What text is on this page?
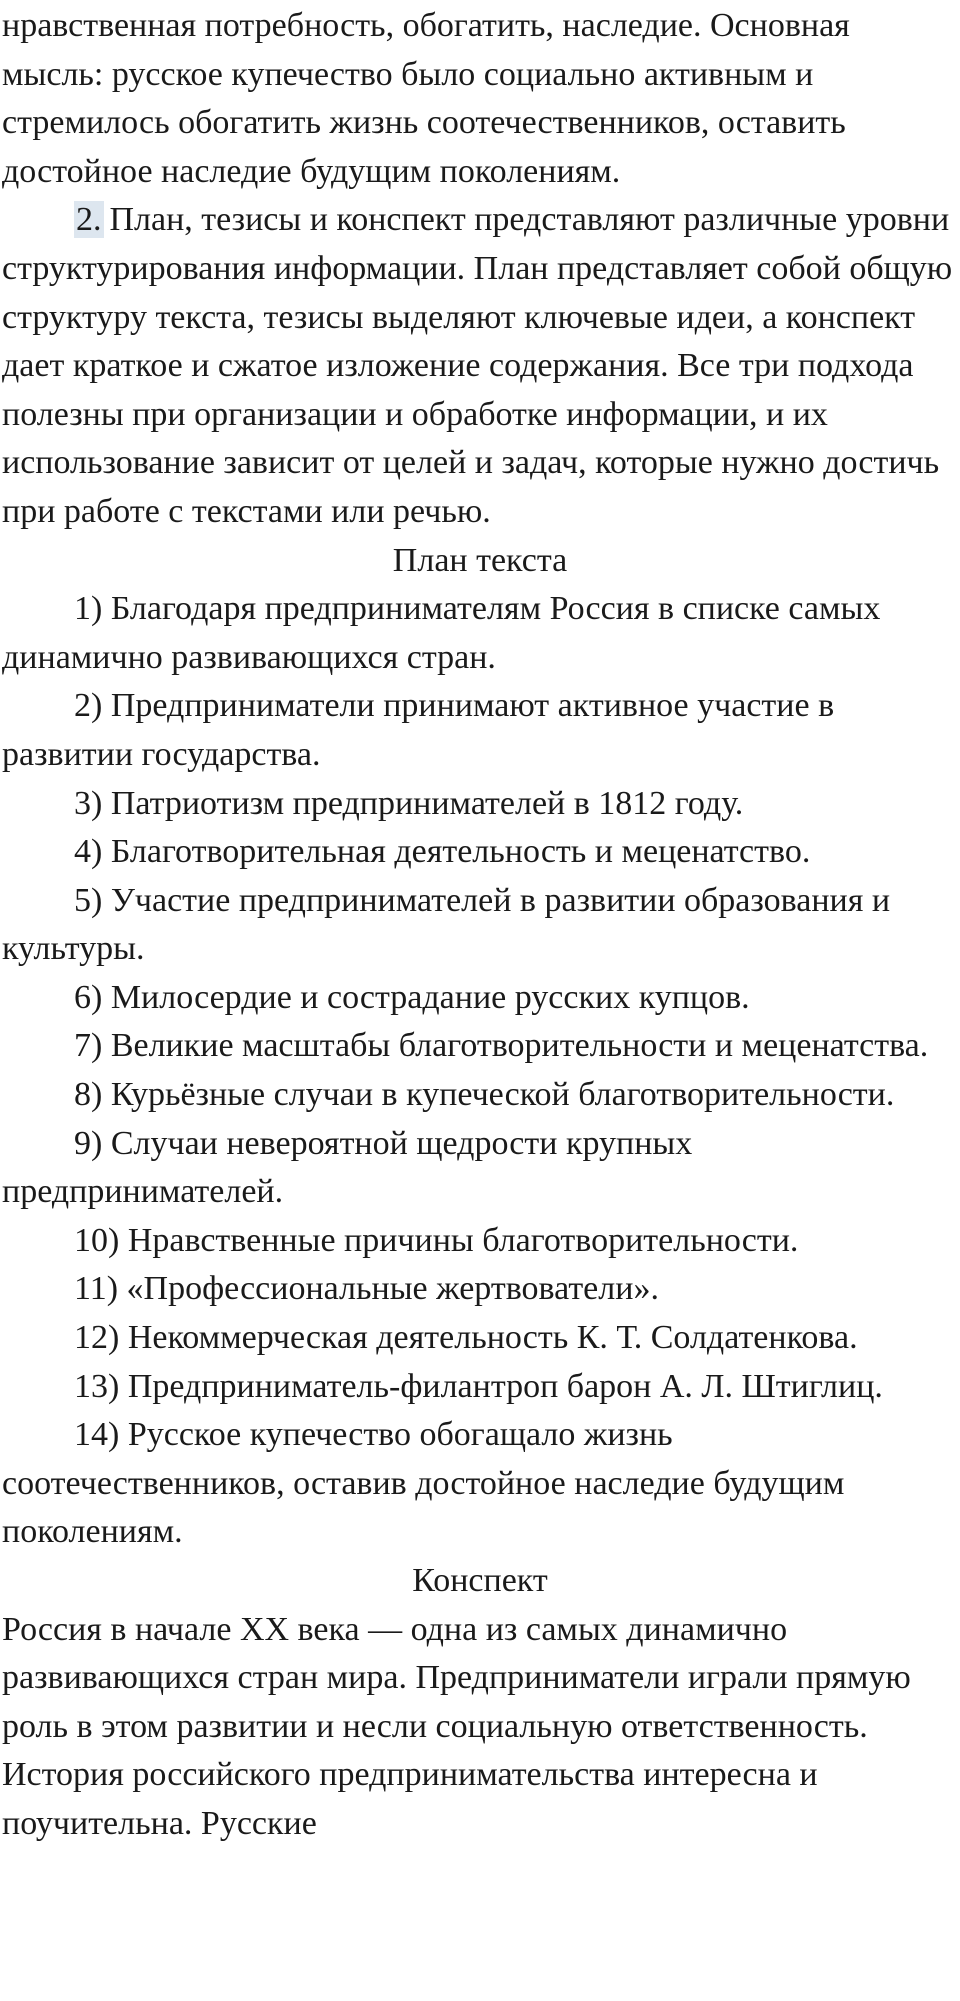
нравственная потребность, обогатить, наследие. Основная мысль: русское купечество было социально активным и стремилось обогатить жизнь соотечественников, оставить достойное наследие будущим поколениям.

2. План, тезисы и конспект представляют различные уровни структурирования информации. План представляет собой общую структуру текста, тезисы выделяют ключевые идеи, а конспект дает краткое и сжатое изложение содержания. Все три подхода полезны при организации и обработке информации, и их использование зависит от целей и задач, которые нужно достичь при работе с текстами или речью.

План текста

1) Благодаря предпринимателям Россия в списке самых динамично развивающихся стран.

2) Предприниматели принимают активное участие в развитии государства.

3) Патриотизм предпринимателей в 1812 году.

4) Благотворительная деятельность и меценатство.

5) Участие предпринимателей в развитии образования и культуры.

6) Милосердие и сострадание русских купцов.

7) Великие масштабы благотворительности и меценатства.

8) Курьёзные случаи в купеческой благотворительности.

9) Случаи невероятной щедрости крупных предпринимателей.

10) Нравственные причины благотворительности.

11) «Профессиональные жертвователи».

12) Некоммерческая деятельность К. Т. Солдатенкова.

13) Предприниматель-филантроп барон А. Л. Штиглиц.

14) Русское купечество обогащало жизнь соотечественников, оставив достойное наследие будущим поколениям.

Конспект

Россия в начале XX века — одна из самых динамично развивающихся стран мира. Предприниматели играли прямую роль в этом развитии и несли социальную ответственность. История российского предпринимательства интересна и поучительна. Русские
